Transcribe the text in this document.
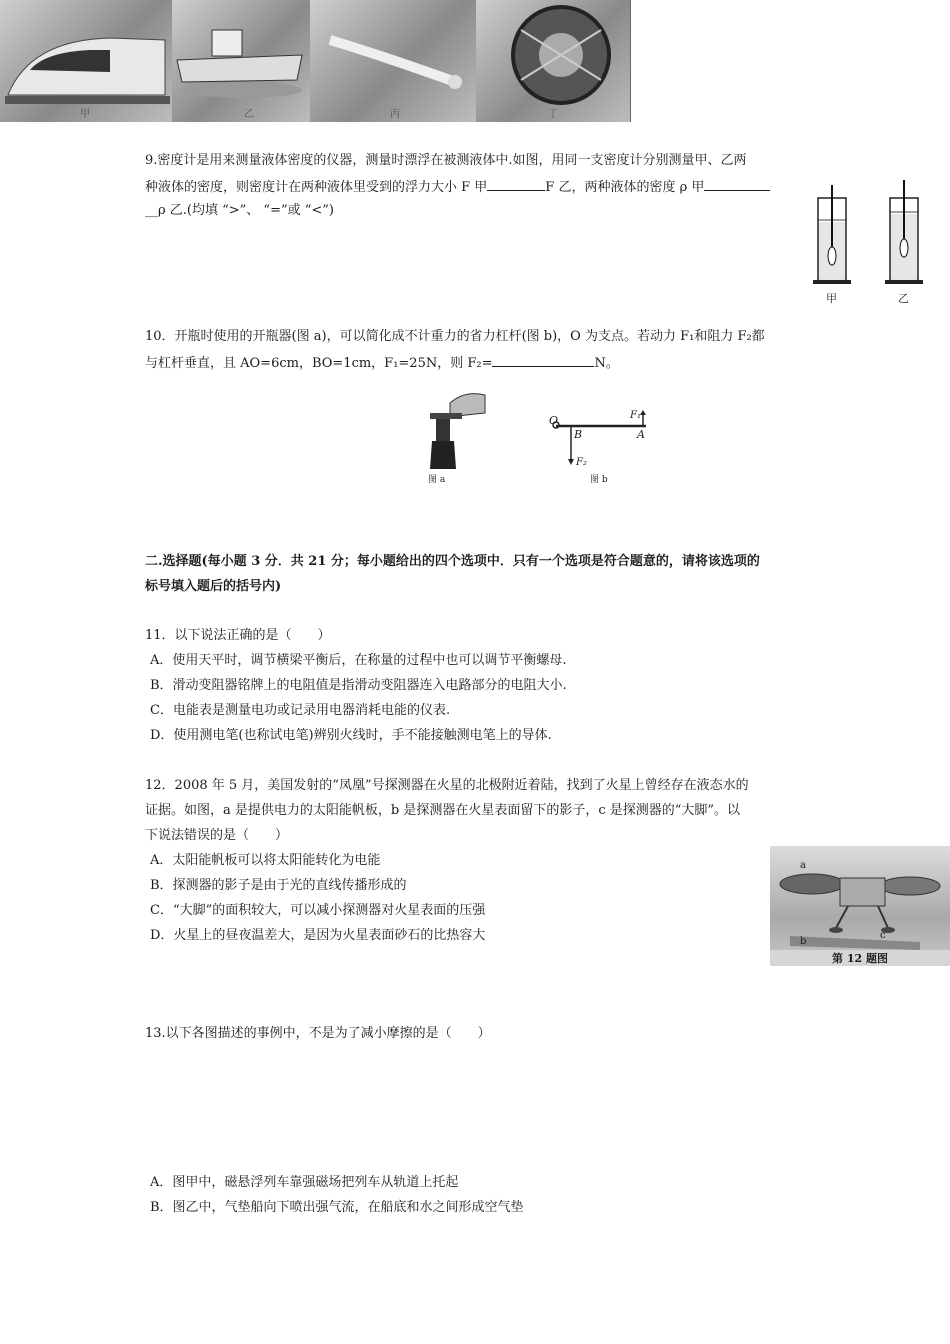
甲	乙	丙	丁
9.密度计是用来测量液体密度的仪器，测量时漂浮在被测液体中.如图，用同一支密度计分别测量甲、乙两
种液体的密度，则密度计在两种液体里受到的浮力大小 F 甲	F 乙，两种液体的密度 ρ 甲
__ρ 乙.(均填 “>”、 “=”或 “<”)
甲	乙
10．开瓶时使用的开瓶器(图 a)，可以简化成不计重力的省力杠杆(图 b)，O 为支点。若动力 F₁和阻力 F₂都
与杠杆垂直，且 AO=6cm，BO=1cm，F₁=25N，则 F₂=	N。
图 a
O
B	A
F₁
F₂
图 b
二.选择题(每小题 3 分．共 21 分；每小题给出的四个选项中．只有一个选项是符合题意的，请将该选项的
标号填入题后的括号内)
11．以下说法正确的是（　　）
A．使用天平时，调节横梁平衡后，在称量的过程中也可以调节平衡螺母.
B．滑动变阻器铭牌上的电阻值是指滑动变阻器连入电路部分的电阻大小.
C．电能表是测量电功或记录用电器消耗电能的仪表.
D．使用测电笔(也称试电笔)辨别火线时，手不能接触测电笔上的导体.
12．2008 年 5 月，美国发射的“凤凰”号探测器在火星的北极附近着陆，找到了火星上曾经存在液态水的
证据。如图，a 是提供电力的太阳能帆板，b 是探测器在火星表面留下的影子，c 是探测器的“大脚”。以
下说法错误的是（　　）
A．太阳能帆板可以将太阳能转化为电能
B．探测器的影子是由于光的直线传播形成的
C．“大脚”的面积较大，可以减小探测器对火星表面的压强
D．火星上的昼夜温差大，是因为火星表面砂石的比热容大
a
b
c
第 12 题图
13.以下各图描述的事例中，不是为了减小摩擦的是（　　）
A．图甲中，磁悬浮列车靠强磁场把列车从轨道上托起
B．图乙中，气垫船向下喷出强气流，在船底和水之间形成空气垫
